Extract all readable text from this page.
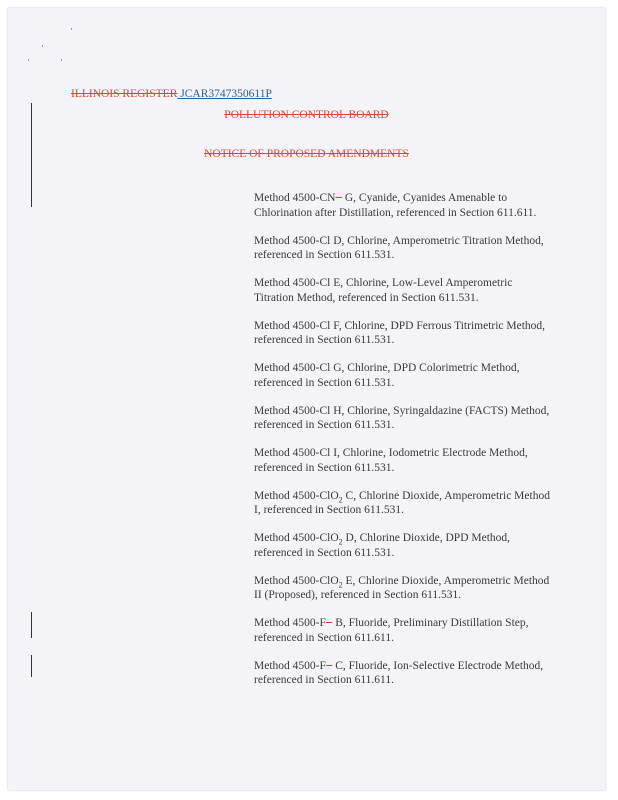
ILLINOIS REGISTER JCAR3747350611P
POLLUTION CONTROL BOARD
NOTICE OF PROPOSED AMENDMENTS
Method 4500-CN− G, Cyanide, Cyanides Amenable to Chlorination after Distillation, referenced in Section 611.611.
Method 4500-Cl D, Chlorine, Amperometric Titration Method, referenced in Section 611.531.
Method 4500-Cl E, Chlorine, Low-Level Amperometric Titration Method, referenced in Section 611.531.
Method 4500-Cl F, Chlorine, DPD Ferrous Titrimetric Method, referenced in Section 611.531.
Method 4500-Cl G, Chlorine, DPD Colorimetric Method, referenced in Section 611.531.
Method 4500-Cl H, Chlorine, Syringaldazine (FACTS) Method, referenced in Section 611.531.
Method 4500-Cl I, Chlorine, Iodometric Electrode Method, referenced in Section 611.531.
Method 4500-ClO$_2$ C, Chlorine Dioxide, Amperometric Method I, referenced in Section 611.531.
Method 4500-ClO$_2$ D, Chlorine Dioxide, DPD Method, referenced in Section 611.531.
Method 4500-ClO$_2$ E, Chlorine Dioxide, Amperometric Method II (Proposed), referenced in Section 611.531.
Method 4500-F− B, Fluoride, Preliminary Distillation Step, referenced in Section 611.611.
Method 4500-F− C, Fluoride, Ion-Selective Electrode Method, referenced in Section 611.611.
